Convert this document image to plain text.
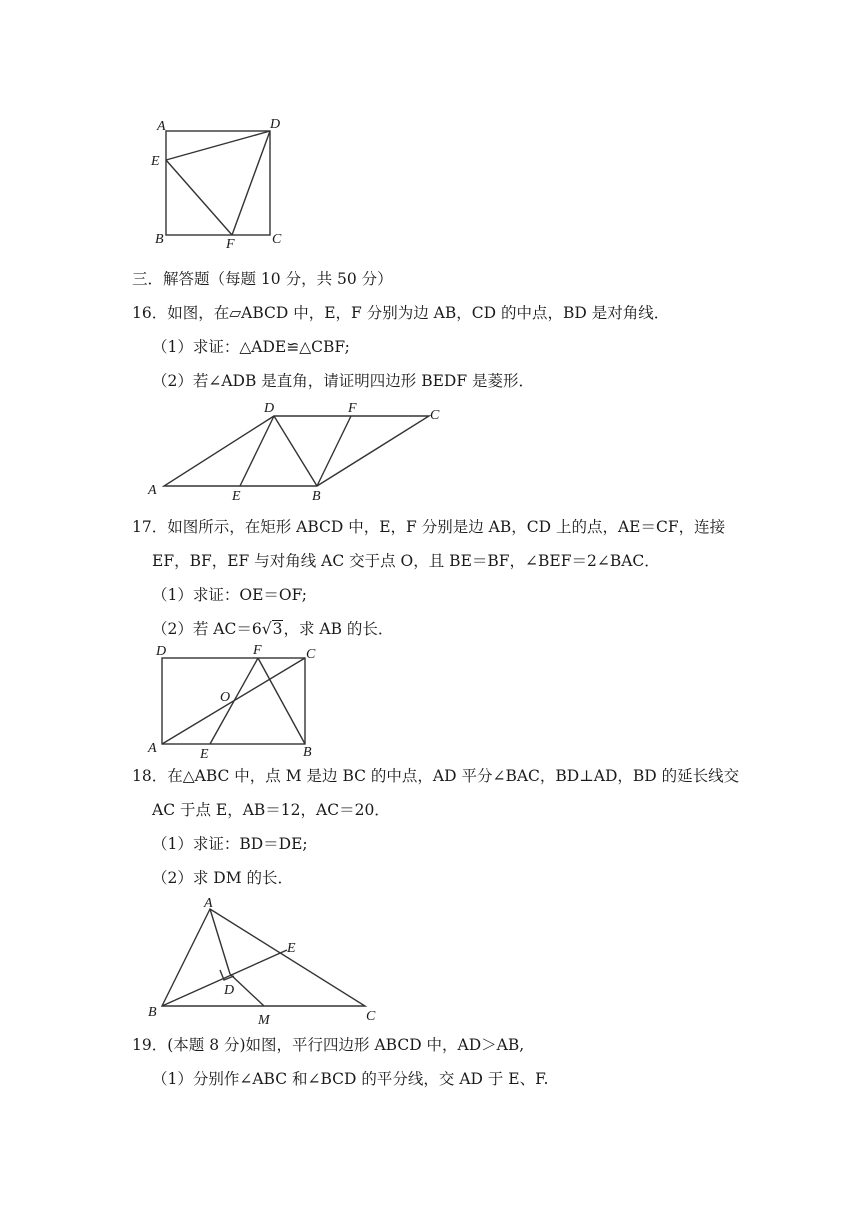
A	D
E
B	F	C
三．解答题（每题 10 分，共 50 分）
16．如图，在▱ABCD 中，E，F 分别为边 AB，CD 的中点，BD 是对角线．
（1）求证：△ADE≌△CBF;
（2）若∠ADB 是直角，请证明四边形 BEDF 是菱形．
D	F	C
A	E	B
17．如图所示，在矩形 ABCD 中，E，F 分别是边 AB，CD 上的点，AE＝CF，连接
EF，BF，EF 与对角线 AC 交于点 O，且 BE＝BF，∠BEF＝2∠BAC．
（1）求证：OE＝OF;
（2）若 AC＝6√3，求 AB 的长．
D	F	C
O
A	E	B
18．在△ABC 中，点 M 是边 BC 的中点，AD 平分∠BAC，BD⊥AD，BD 的延长线交
AC 于点 E，AB＝12，AC＝20．
（1）求证：BD＝DE;
（2）求 DM 的长．
A
E
D
B	C
M
19．(本题 8 分)如图，平行四边形 ABCD 中，AD＞AB,
（1）分别作∠ABC 和∠BCD 的平分线，交 AD 于 E、F.
